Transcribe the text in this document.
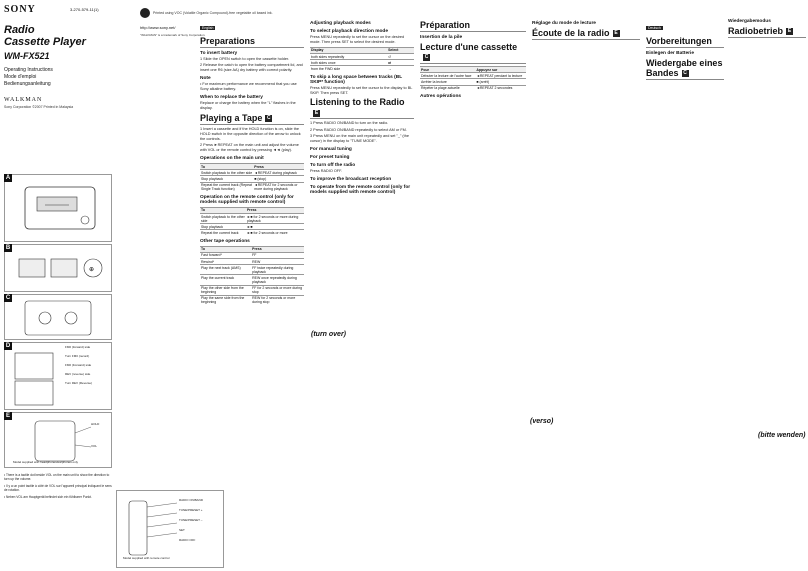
SONY
Radio
Cassette Player
WM-FX521
Operating Instructions
Mode d'emploi
Bedienungsanleitung
WALKMAN
Sony Corporation ©2007 Printed in Malaysia
3-270-579-11(1)
Printed using VOC (Volatile Organic Compound)-free vegetable oil based ink.
http://www.sony.net/
"WALKMAN" is a trademark of Sony Corporation.
A
B
⊕
C
D	FM0 (forward) side
Turn FM0 (record)
FM0 (Forward) side
REV (reverse) side
Turn REV (Reverse)
E
HOLD
VOL
Model supplied with headphones/earphones only
• There is a tactile dot beside VOL on the main unit to show the direction to turn up the volume.
• Il y a un point tactile à côté de VOL sur l'appareil principal indiquant le sens de rotation.
• Neben VOL am Hauptgerät befindet sich ein fühlbarer Punkt.
RADIO ON/BAND
TUNE/PRESET +
TUNE/PRESET –
SET
RADIO OFF
Model supplied with remote control
English
Preparations
To insert battery
1 Slide the OPEN switch to open the cassette holder.
2 Release the catch to open the battery compartment lid, and insert one R6 (size AA) dry battery with correct polarity.
Note
• For maximum performance we recommend that you use Sony alkaline battery.
When to replace the battery
Replace or charge the battery when the "L" flashes in the display.
Playing a Tape C
1 Insert a cassette and if the HOLD function is on, slide the HOLD switch in the opposite direction of the arrow to unlock the controls.
2 Press ►REPEAT on the main unit and adjust the volume with VOL or the remote control by pressing ◄◄ (play).
Operations on the main unit
To	Press
Switch playback to the other side	◄REPEAT during playback
Stop playback	■ (stop)
Repeat the current track (Repeat Single Track function)	◄REPEAT for 2 seconds or more during playback
Operation on the remote control (only for models supplied with remote control)
To	Press
Switch playback to the other side	►■ for 2 seconds or more during playback
Stop playback	►■
Repeat the current track	►■ for 2 seconds or more
Other tape operations
To	Press
Fast forward*	FF
Rewind*	REW
Play the next track (AMS)	FF twice repeatedly during playback
Play the current track	REW once repeatedly during playback
Play the other side from the beginning	FF for 2 seconds or more during stop
Play the same side from the beginning	REW for 2 seconds or more during stop
Adjusting playback modes
To select playback direction mode
Press MENU repeatedly to set the cursor on the desired mode. Then press SET to select the desired mode.
Display	Select
both sides repeatedly	↺
both sides once	⇄
from the FWD side	→
To skip a long space between tracks (BL SKIP* function)
Press MENU repeatedly to set the cursor to the display to BL SKIP. Then press SET.
Listening to the RadioE
1 Press RADIO ON/BAND to turn on the radio.
2 Press RADIO ON/BAND repeatedly to select AM or FM.
3 Press MENU on the main unit repeatedly and set "_" (the cursor) in the display to "TUNE MODE".
For manual tuning
For preset tuning
To turn off the radio
Press RADIO OFF.
To improve the broadcast reception
To operate from the remote control (only for models supplied with remote control)
(turn over)
Préparation
Insertion de la pile
Lecture d'une cassetteC
Pour	Appuyez sur
Débuter la lecture de l'autre face	◄REPEAT pendant la lecture
Arrêter la lecture	■ (arrêt)
Répéter la plage actuelle	◄REPEAT 2 secondes
Autres opérations
Réglage du mode de lecture
Écoute de la radio E
(verso)
Deutsch
Vorbereitungen
Einlegen der Batterie
Wiedergabe eines Bandes C
Wiedergabemodus
Radiobetrieb E
(bitte wenden)
